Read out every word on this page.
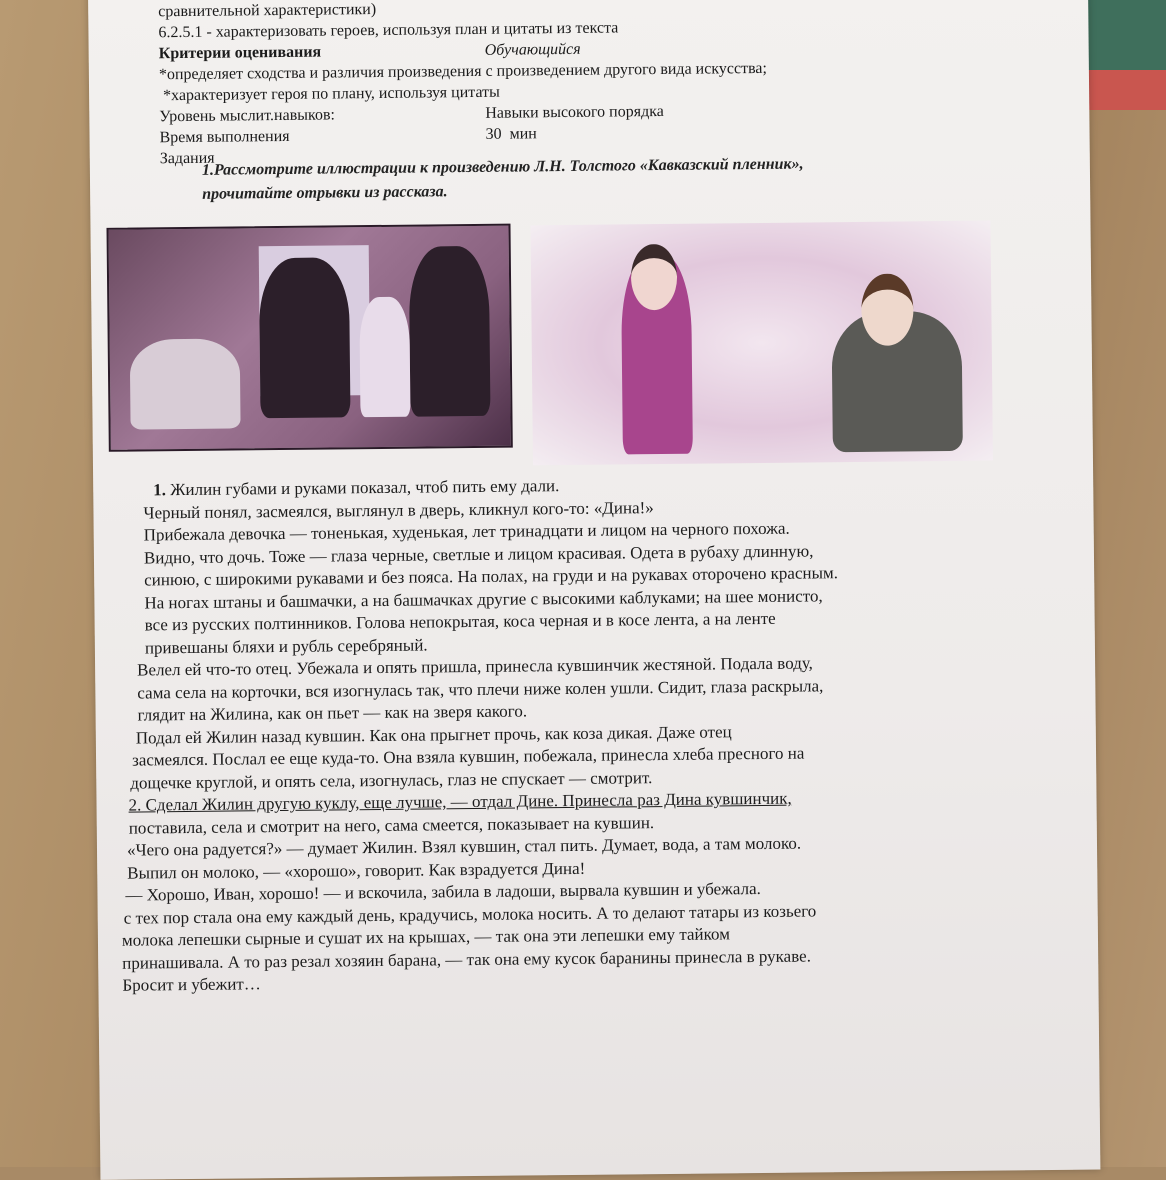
сравнительной характеристики)
6.2.5.1 - характеризовать героев, используя план и цитаты из текста
Критерии оценивания	Обучающийся
*определяет сходства и различия произведения с произведением другого вида искусства;
*характеризует героя по плану, используя цитаты
Уровень мыслит.навыков:	Навыки высокого порядка
Время выполнения	30  мин
Задания
1.Рассмотрите иллюстрации к произведению Л.Н. Толстого «Кавказский пленник»,
прочитайте отрывки из рассказа.

1. Жилин губами и руками показал, чтоб пить ему дали.

Черный понял, засмеялся, выглянул в дверь, кликнул кого-то: «Дина!»

Прибежала девочка — тоненькая, худенькая, лет тринадцати и лицом на черного похожа.

Видно, что дочь. Тоже — глаза черные, светлые и лицом красивая. Одета в рубаху длинную,

синюю, с широкими рукавами и без пояса. На полах, на груди и на рукавах оторочено красным.

На ногах штаны и башмачки, а на башмачках другие с высокими каблуками; на шее монисто,

все из русских полтинников. Голова непокрытая, коса черная и в косе лента, а на ленте

привешаны бляхи и рубль серебряный.

Велел ей что-то отец. Убежала и опять пришла, принесла кувшинчик жестяной. Подала воду,

сама села на корточки, вся изогнулась так, что плечи ниже колен ушли. Сидит, глаза раскрыла,

глядит на Жилина, как он пьет — как на зверя какого.

Подал ей Жилин назад кувшин. Как она прыгнет прочь, как коза дикая. Даже отец

засмеялся. Послал ее еще куда-то. Она взяла кувшин, побежала, принесла хлеба пресного на

дощечке круглой, и опять села, изогнулась, глаз не спускает — смотрит.

2. Сделал Жилин другую куклу, еще лучше, — отдал Дине. Принесла раз Дина кувшинчик,

поставила, села и смотрит на него, сама смеется, показывает на кувшин.

«Чего она радуется?» — думает Жилин. Взял кувшин, стал пить. Думает, вода, а там молоко.

Выпил он молоко, — «хорошо», говорит. Как взрадуется Дина!

— Хорошо, Иван, хорошо! — и вскочила, забила в ладоши, вырвала кувшин и убежала.

с тех пор стала она ему каждый день, крадучись, молока носить. А то делают татары из козьего

молока лепешки сырные и сушат их на крышах, — так она эти лепешки ему тайком

принашивала. А то раз резал хозяин барана, — так она ему кусок баранины принесла в рукаве.

Бросит и убежит…
